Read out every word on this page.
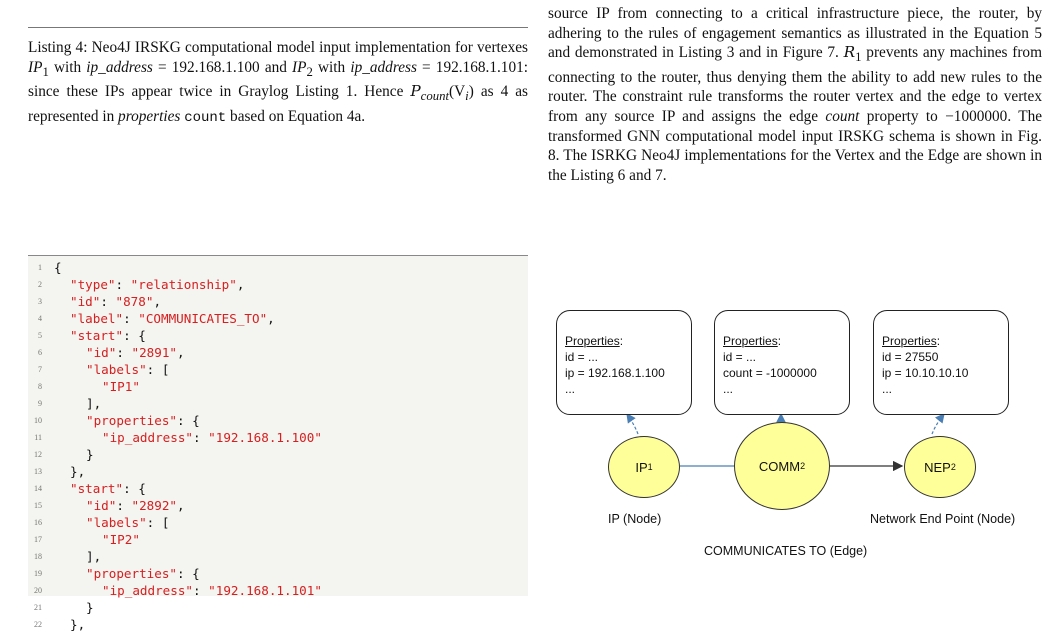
Listing 4: Neo4J IRSKG computational model input implementation for vertexes $IP_1$ with ip_address = 192.168.1.100 and $IP_2$ with ip_address = 192.168.1.101: since these IPs appear twice in Graylog Listing 1. Hence $P_{count}(V_i)$ as 4 as represented in properties count based on Equation 4a.
1 {
2 "type": "relationship",
3 "id": "878",
4 "label": "COMMUNICATES_TO",
5 "start": {
6	"id": "2891",
7	"labels": [
8	"IP1"
9	],
10	"properties": {
11	"ip_address": "192.168.1.100"
12	}
13 },
14 "start": {
15	"id": "2892",
16	"labels": [
17	"IP2"
18	],
19	"properties": {
20	"ip_address": "192.168.1.101"
21	}
22 },

source IP from connecting to a critical infrastructure piece, the router, by adhering to the rules of engagement semantics as illustrated in the Equation 5 and demonstrated in Listing 3 and in Figure 7. $R_1$ prevents any machines from connecting to the router, thus denying them the ability to add new rules to the router. The constraint rule transforms the router vertex and the edge to vertex from any source IP and assigns the edge count property to −1000000. The transformed GNN computational model input IRSKG schema is shown in Fig. 8. The ISRKG Neo4J implementations for the Vertex and the Edge are shown in the Listing 6 and 7.

Properties:
id = ...
ip = 192.168.1.100
...
Properties:
id = ...
count = -1000000
...
Properties:
id = 27550
ip = 10.10.10.10
...
IP 1	COMM 2	NEP 2
IP (Node)	Network End Point (Node)
COMMUNICATES TO (Edge)
